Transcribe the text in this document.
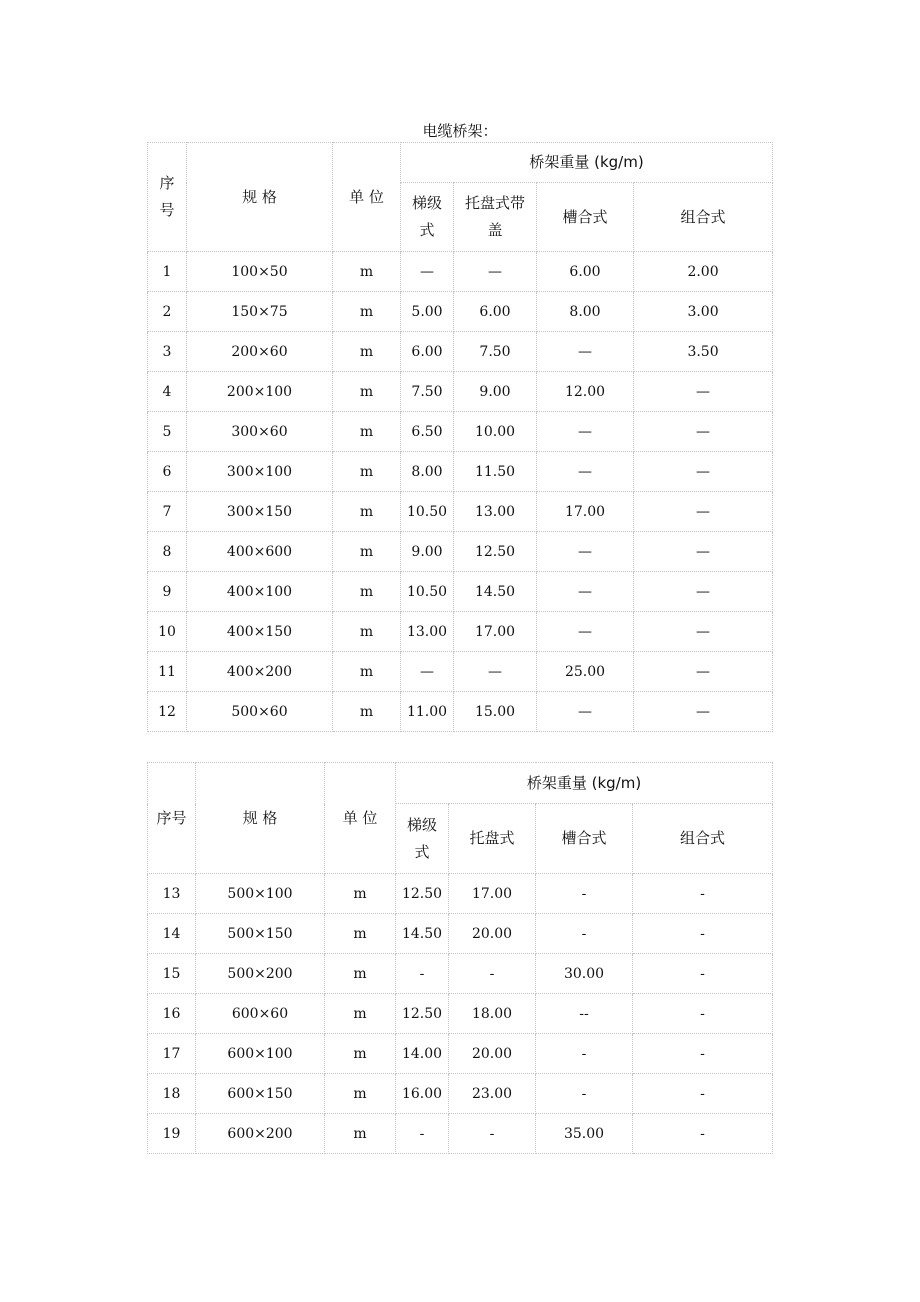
电缆桥架：
序号	规 格	单 位	桥架重量 (kg/m)			
			梯级式	托盘式带盖	槽合式	组合式
1	100×50	m	—	—	6.00	2.00
2	150×75	m	5.00	6.00	8.00	3.00
3	200×60	m	6.00	7.50	—	3.50
4	200×100	m	7.50	9.00	12.00	—
5	300×60	m	6.50	10.00	—	—
6	300×100	m	8.00	11.50	—	—
7	300×150	m	10.50	13.00	17.00	—
8	400×600	m	9.00	12.50	—	—
9	400×100	m	10.50	14.50	—	—
10	400×150	m	13.00	17.00	—	—
11	400×200	m	—	—	25.00	—
12	500×60	m	11.00	15.00	—	—
序号	规 格	单 位	桥架重量 (kg/m)			
			梯级式	托盘式	槽合式	组合式
13	500×100	m	12.50	17.00	-	-
14	500×150	m	14.50	20.00	-	-
15	500×200	m	-	-	30.00	-
16	600×60	m	12.50	18.00	--	-
17	600×100	m	14.00	20.00	-	-
18	600×150	m	16.00	23.00	-	-
19	600×200	m	-	-	35.00	-
